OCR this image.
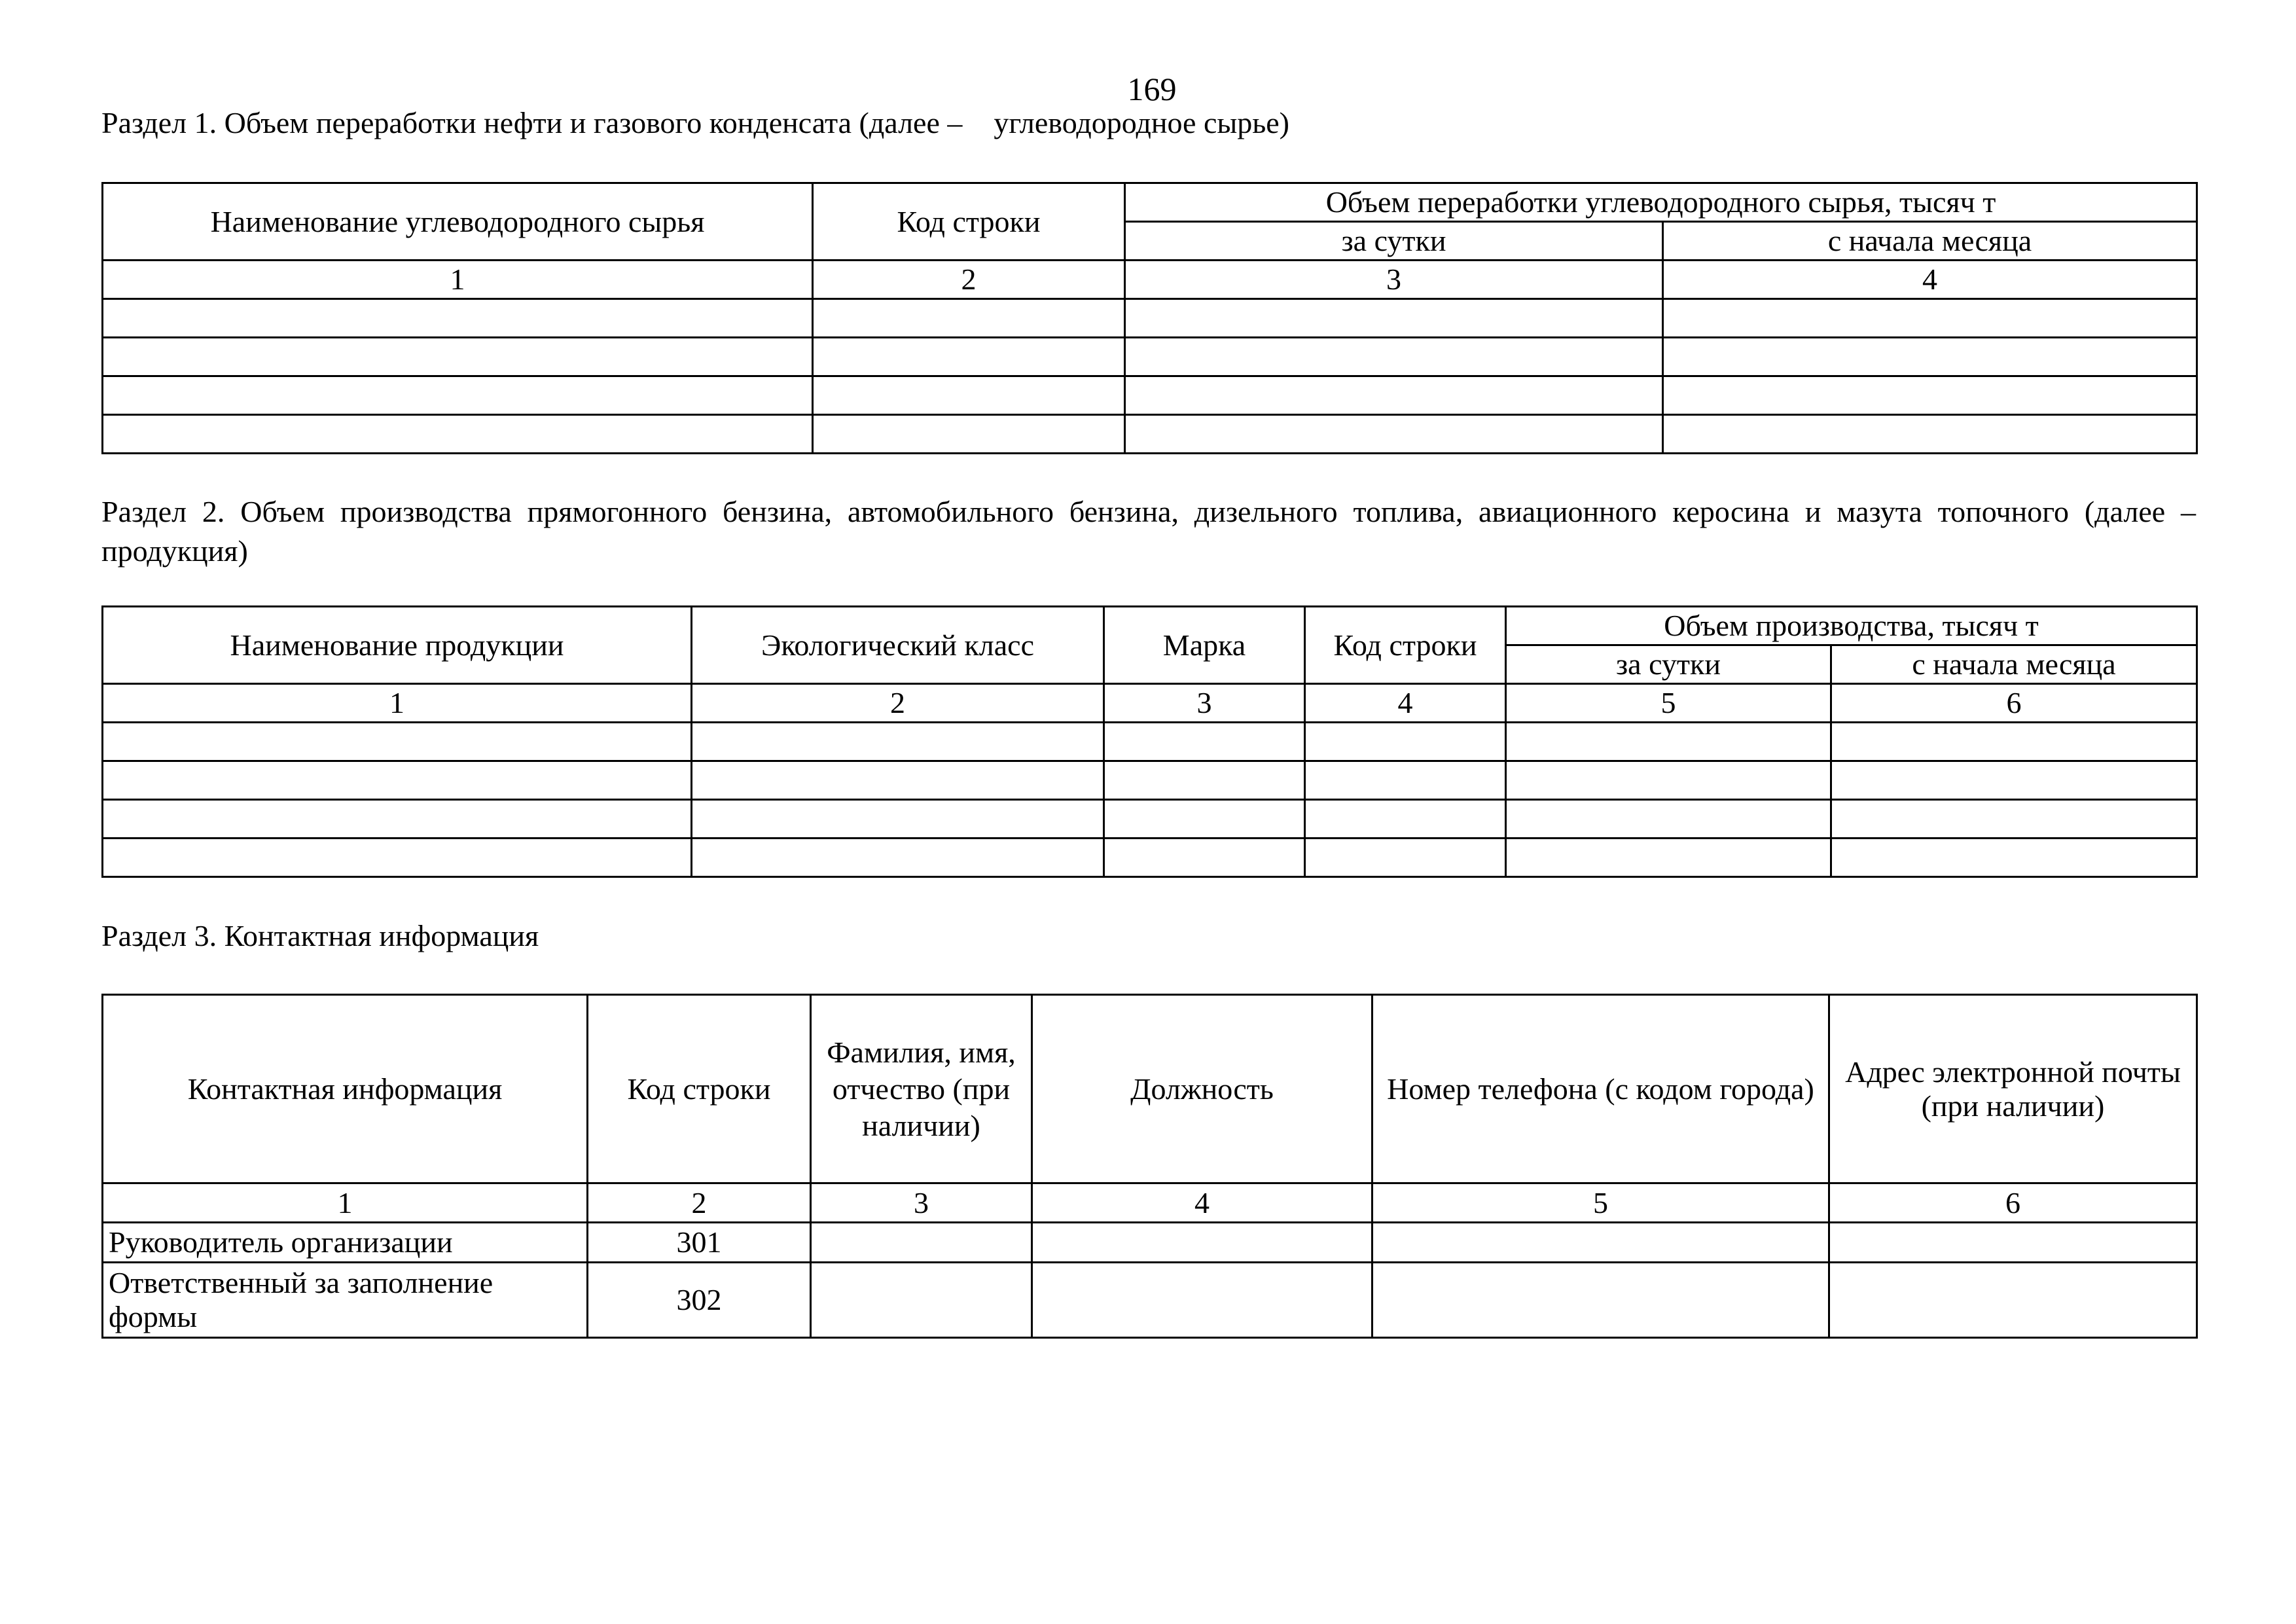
169
Раздел 1. Объем переработки нефти и газового конденсата (далее – углеводородное сырье)
Наименование углеводородного сырья	Код строки	Объем переработки углеводородного сырья, тысяч т	
		за сутки	с начала месяца
1	2	3	4

Раздел 2. Объем производства прямогонного бензина, автомобильного бензина, дизельного топлива, авиационного керосина и мазута топочного (далее – продукция)
Наименование продукции	Экологический класс	Марка	Код строки	Объем производства, тысяч т	
				за сутки	с начала месяца
1	2	3	4	5	6

Раздел 3. Контактная информация
Контактная информация	Код строки	Фамилия, имя, отчество (при наличии)	Должность	Номер телефона (с кодом города)	Адрес электронной почты (при наличии)
1	2	3	4	5	6
Руководитель организации	301				
Ответственный за заполнение формы	302				
